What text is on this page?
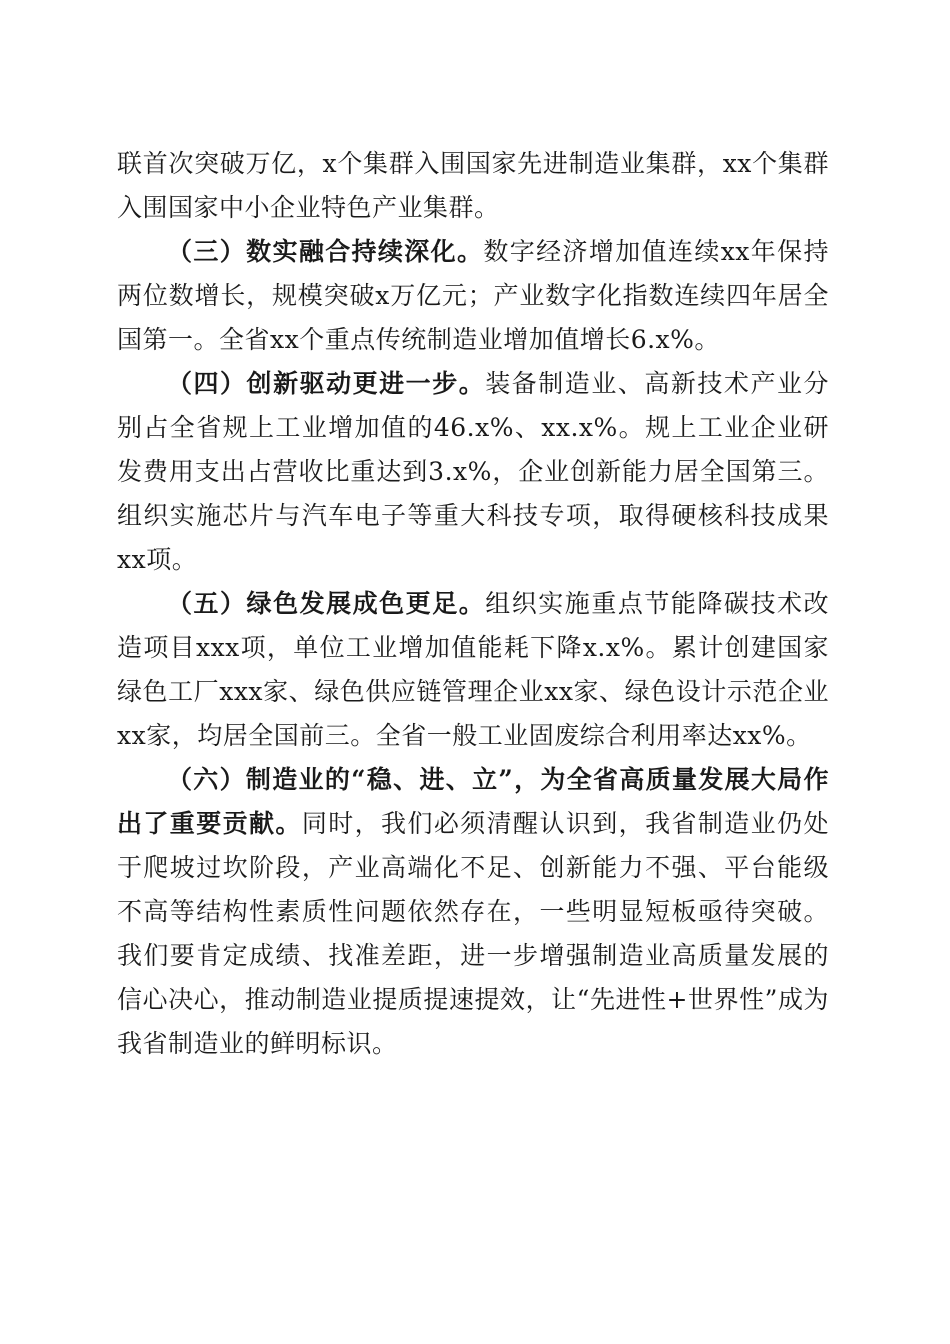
联首次突破万亿，x个集群入围国家先进制造业集群，xx个集群入围国家中小企业特色产业集群。

（三）数实融合持续深化。数字经济增加值连续xx年保持两位数增长，规模突破x万亿元；产业数字化指数连续四年居全国第一。全省xx个重点传统制造业增加值增长6.x%。

（四）创新驱动更进一步。装备制造业、高新技术产业分别占全省规上工业增加值的46.x%、xx.x%。规上工业企业研发费用支出占营收比重达到3.x%，企业创新能力居全国第三。组织实施芯片与汽车电子等重大科技专项，取得硬核科技成果xx项。

（五）绿色发展成色更足。组织实施重点节能降碳技术改造项目xxx项，单位工业增加值能耗下降x.x%。累计创建国家绿色工厂xxx家、绿色供应链管理企业xx家、绿色设计示范企业xx家，均居全国前三。全省一般工业固废综合利用率达xx%。

（六）制造业的“稳、进、立”，为全省高质量发展大局作出了重要贡献。同时，我们必须清醒认识到，我省制造业仍处于爬坡过坎阶段，产业高端化不足、创新能力不强、平台能级不高等结构性素质性问题依然存在，一些明显短板亟待突破。我们要肯定成绩、找准差距，进一步增强制造业高质量发展的信心决心，推动制造业提质提速提效，让“先进性+世界性”成为我省制造业的鲜明标识。
